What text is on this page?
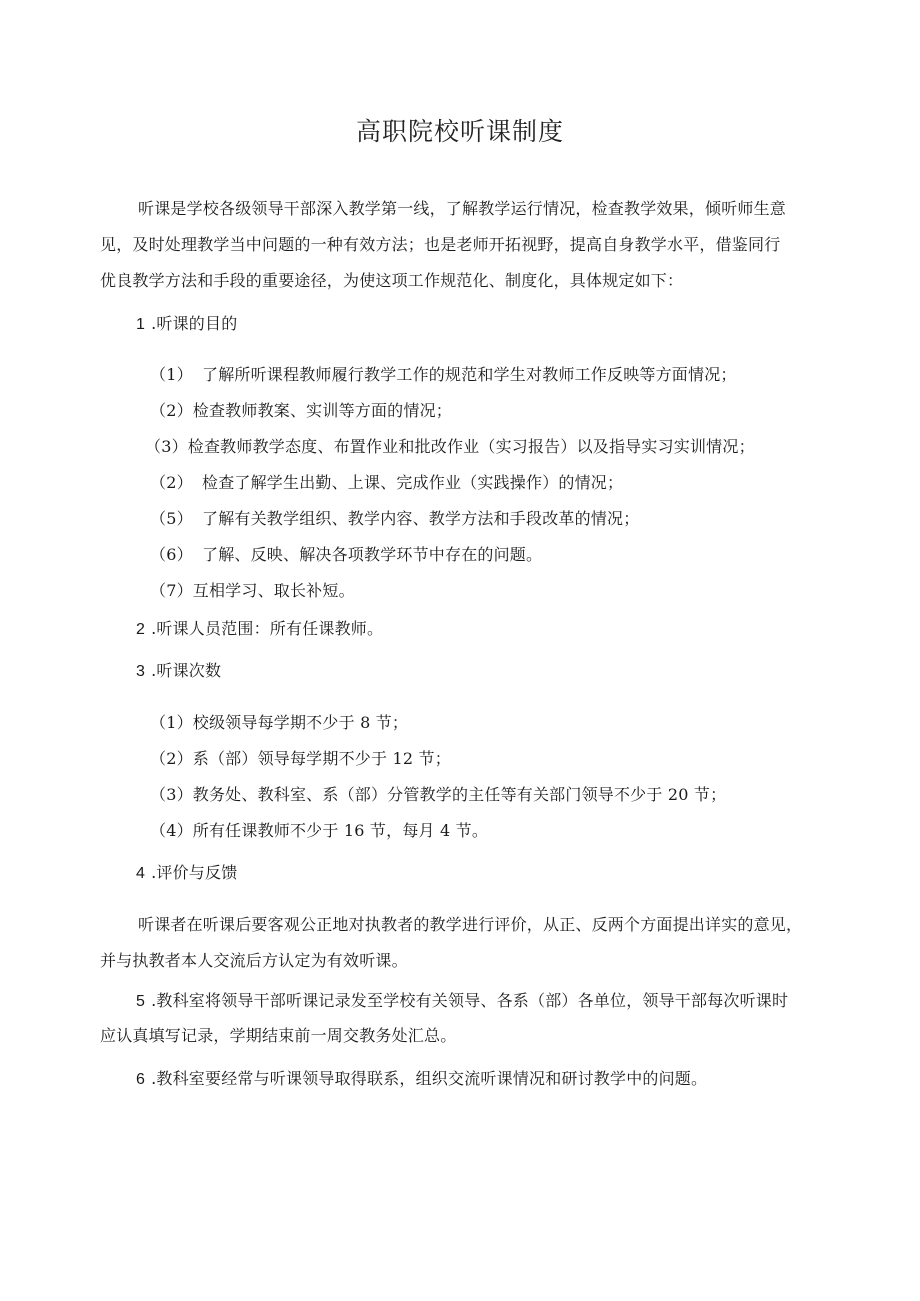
高职院校听课制度
听课是学校各级领导干部深入教学第一线，了解教学运行情况，检查教学效果，倾听师生意
见，及时处理教学当中问题的一种有效方法；也是老师开拓视野，提高自身教学水平，借鉴同行
优良教学方法和手段的重要途径，为使这项工作规范化、制度化，具体规定如下：
1 .听课的目的
（1） 了解所听课程教师履行教学工作的规范和学生对教师工作反映等方面情况；
（2）检查教师教案、实训等方面的情况；
（3）检查教师教学态度、布置作业和批改作业（实习报告）以及指导实习实训情况；
（2） 检查了解学生出勤、上课、完成作业（实践操作）的情况；
（5） 了解有关教学组织、教学内容、教学方法和手段改革的情况；
（6） 了解、反映、解决各项教学环节中存在的问题。
（7）互相学习、取长补短。
2 .听课人员范围：所有任课教师。
3 .听课次数
（1）校级领导每学期不少于 8 节；
（2）系（部）领导每学期不少于 12 节；
（3）教务处、教科室、系（部）分管教学的主任等有关部门领导不少于 20 节；
（4）所有任课教师不少于 16 节，每月 4 节。
4 .评价与反馈
听课者在听课后要客观公正地对执教者的教学进行评价，从正、反两个方面提出详实的意见，
并与执教者本人交流后方认定为有效听课。
5 .教科室将领导干部听课记录发至学校有关领导、各系（部）各单位，领导干部每次听课时
应认真填写记录，学期结束前一周交教务处汇总。
6 .教科室要经常与听课领导取得联系，组织交流听课情况和研讨教学中的问题。
